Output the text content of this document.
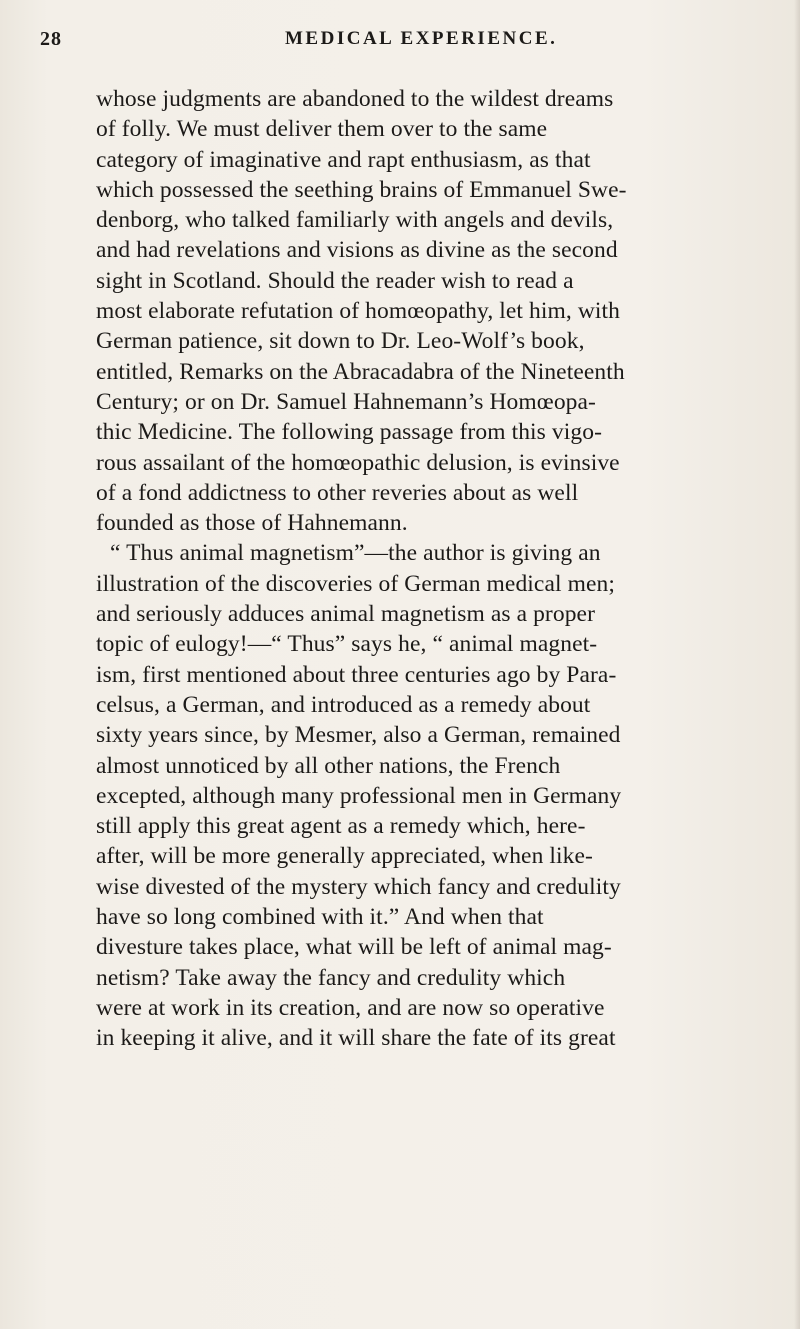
28	MEDICAL EXPERIENCE.
whose judgments are abandoned to the wildest dreams
of folly. We must deliver them over to the same
category of imaginative and rapt enthusiasm, as that
which possessed the seething brains of Emmanuel Swe-
denborg, who talked familiarly with angels and devils,
and had revelations and visions as divine as the second
sight in Scotland. Should the reader wish to read a
most elaborate refutation of homœopathy, let him, with
German patience, sit down to Dr. Leo-Wolf’s book,
entitled, Remarks on the Abracadabra of the Nineteenth
Century; or on Dr. Samuel Hahnemann’s Homœopa-
thic Medicine. The following passage from this vigo-
rous assailant of the homœopathic delusion, is evinsive
of a fond addictness to other reveries about as well
founded as those of Hahnemann.
“ Thus animal magnetism”—the author is giving an
illustration of the discoveries of German medical men;
and seriously adduces animal magnetism as a proper
topic of eulogy!—“ Thus” says he, “ animal magnet-
ism, first mentioned about three centuries ago by Para-
celsus, a German, and introduced as a remedy about
sixty years since, by Mesmer, also a German, remained
almost unnoticed by all other nations, the French
excepted, although many professional men in Germany
still apply this great agent as a remedy which, here-
after, will be more generally appreciated, when like-
wise divested of the mystery which fancy and credulity
have so long combined with it.” And when that
divesture takes place, what will be left of animal mag-
netism? Take away the fancy and credulity which
were at work in its creation, and are now so operative
in keeping it alive, and it will share the fate of its great
